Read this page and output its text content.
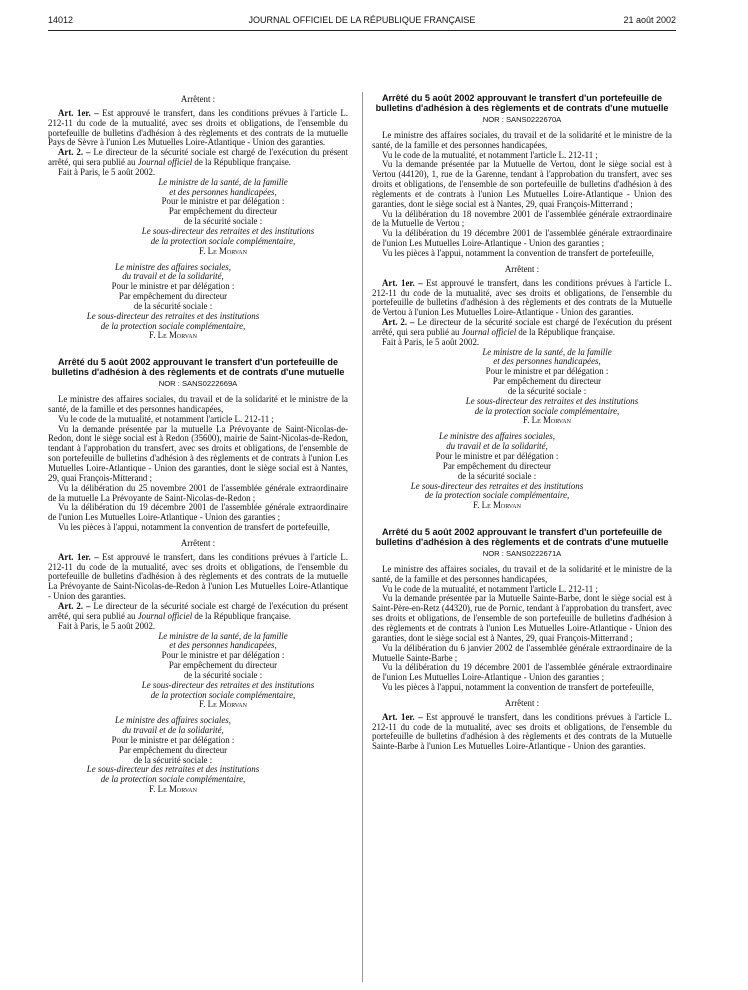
14012	JOURNAL OFFICIEL DE LA RÉPUBLIQUE FRANÇAISE	21 août 2002

Arrêtent :

Art. 1er. – Est approuvé le transfert, dans les conditions prévues à l'article L. 212-11 du code de la mutualité, avec ses droits et obligations, de l'ensemble du portefeuille de bulletins d'adhésion à des règlements et des contrats de la mutuelle Pays de Sèvre à l'union Les Mutuelles Loire-Atlantique - Union des garanties.

Art. 2. – Le directeur de la sécurité sociale est chargé de l'exécution du présent arrêté, qui sera publié au Journal officiel de la République française.

Fait à Paris, le 5 août 2002.

Le ministre de la santé, de la famille
et des personnes handicapées,
Pour le ministre et par délégation :
Par empêchement du directeur
de la sécurité sociale :
Le sous-directeur des retraites et des institutions
de la protection sociale complémentaire,
F. Le Morvan
Le ministre des affaires sociales,
du travail et de la solidarité,
Pour le ministre et par délégation :
Par empêchement du directeur
de la sécurité sociale :
Le sous-directeur des retraites et des institutions
de la protection sociale complémentaire,
F. Le Morvan
Arrêté du 5 août 2002 approuvant le transfert d'un portefeuille de bulletins d'adhésion à des règlements et de contrats d'une mutuelle
NOR : SANS0222669A

Le ministre des affaires sociales, du travail et de la solidarité et le ministre de la santé, de la famille et des personnes handicapées,

Vu le code de la mutualité, et notamment l'article L. 212-11 ;

Vu la demande présentée par la mutuelle La Prévoyante de Saint-Nicolas-de-Redon, dont le siège social est à Redon (35600), mairie de Saint-Nicolas-de-Redon, tendant à l'approbation du transfert, avec ses droits et obligations, de l'ensemble de son portefeuille de bulletins d'adhésion à des règlements et de contrats à l'union Les Mutuelles Loire-Atlantique - Union des garanties, dont le siège social est à Nantes, 29, quai François-Mitterand ;

Vu la délibération du 25 novembre 2001 de l'assemblée générale extraordinaire de la mutuelle La Prévoyante de Saint-Nicolas-de-Redon ;

Vu la délibération du 19 décembre 2001 de l'assemblée générale extraordinaire de l'union Les Mutuelles Loire-Atlantique - Union des garanties ;

Vu les pièces à l'appui, notamment la convention de transfert de portefeuille,

Arrêtent :

Art. 1er. – Est approuvé le transfert, dans les conditions prévues à l'article L. 212-11 du code de la mutualité, avec ses droits et obligations, de l'ensemble du portefeuille de bulletins d'adhésion à des règlements et des contrats de la mutuelle La Prévoyante de Saint-Nicolas-de-Redon à l'union Les Mutuelles Loire-Atlantique - Union des garanties.

Art. 2. – Le directeur de la sécurité sociale est chargé de l'exécution du présent arrêté, qui sera publié au Journal officiel de la République française.

Fait à Paris, le 5 août 2002.

Le ministre de la santé, de la famille
et des personnes handicapées,
Pour le ministre et par délégation :
Par empêchement du directeur
de la sécurité sociale :
Le sous-directeur des retraites et des institutions
de la protection sociale complémentaire,
F. Le Morvan
Le ministre des affaires sociales,
du travail et de la solidarité,
Pour le ministre et par délégation :
Par empêchement du directeur
de la sécurité sociale :
Le sous-directeur des retraites et des institutions
de la protection sociale complémentaire,
F. Le Morvan
Arrêté du 5 août 2002 approuvant le transfert d'un portefeuille de bulletins d'adhésion à des règlements et de contrats d'une mutuelle
NOR : SANS0222670A

Le ministre des affaires sociales, du travail et de la solidarité et le ministre de la santé, de la famille et des personnes handicapées,

Vu le code de la mutualité, et notamment l'article L. 212-11 ;

Vu la demande présentée par la Mutuelle de Vertou, dont le siège social est à Vertou (44120), 1, rue de la Garenne, tendant à l'approbation du transfert, avec ses droits et obligations, de l'ensemble de son portefeuille de bulletins d'adhésion à des règlements et de contrats à l'union Les Mutuelles Loire-Atlantique - Union des garanties, dont le siège social est à Nantes, 29, quai François-Mitterrand ;

Vu la délibération du 18 novembre 2001 de l'assemblée générale extraordinaire de la Mutuelle de Vertou ;

Vu la délibération du 19 décembre 2001 de l'assemblée générale extraordinaire de l'union Les Mutuelles Loire-Atlantique - Union des garanties ;

Vu les pièces à l'appui, notamment la convention de transfert de portefeuille,

Arrêtent :

Art. 1er. – Est approuvé le transfert, dans les conditions prévues à l'article L. 212-11 du code de la mutualité, avec ses droits et obligations, de l'ensemble du portefeuille de bulletins d'adhésion à des règlements et des contrats de la Mutuelle de Vertou à l'union Les Mutuelles Loire-Atlantique - Union des garanties.

Art. 2. – Le directeur de la sécurité sociale est chargé de l'exécution du présent arrêté, qui sera publié au Journal officiel de la République française.

Fait à Paris, le 5 août 2002.

Le ministre de la santé, de la famille
et des personnes handicapées,
Pour le ministre et par délégation :
Par empêchement du directeur
de la sécurité sociale :
Le sous-directeur des retraites et des institutions
de la protection sociale complémentaire,
F. Le Morvan
Le ministre des affaires sociales,
du travail et de la solidarité,
Pour le ministre et par délégation :
Par empêchement du directeur
de la sécurité sociale :
Le sous-directeur des retraites et des institutions
de la protection sociale complémentaire,
F. Le Morvan
Arrêté du 5 août 2002 approuvant le transfert d'un portefeuille de bulletins d'adhésion à des règlements et de contrats d'une mutuelle
NOR : SANS0222671A

Le ministre des affaires sociales, du travail et de la solidarité et le ministre de la santé, de la famille et des personnes handicapées,

Vu le code de la mutualité, et notamment l'article L. 212-11 ;

Vu la demande présentée par la Mutuelle Sainte-Barbe, dont le siège social est à Saint-Père-en-Retz (44320), rue de Pornic, tendant à l'approbation du transfert, avec ses droits et obligations, de l'ensemble de son portefeuille de bulletins d'adhésion à des règlements et de contrats à l'union Les Mutuelles Loire-Atlantique - Union des garanties, dont le siège social est à Nantes, 29, quai François-Mitterrand ;

Vu la délibération du 6 janvier 2002 de l'assemblée générale extraordinaire de la Mutuelle Sainte-Barbe ;

Vu la délibération du 19 décembre 2001 de l'assemblée générale extraordinaire de l'union Les Mutuelles Loire-Atlantique - Union des garanties ;

Vu les pièces à l'appui, notamment la convention de transfert de portefeuille,

Arrêtent :

Art. 1er. – Est approuvé le transfert, dans les conditions prévues à l'article L. 212-11 du code de la mutualité, avec ses droits et obligations, de l'ensemble du portefeuille de bulletins d'adhésion à des règlements et des contrats de la Mutuelle Sainte-Barbe à l'union Les Mutuelles Loire-Atlantique - Union des garanties.
